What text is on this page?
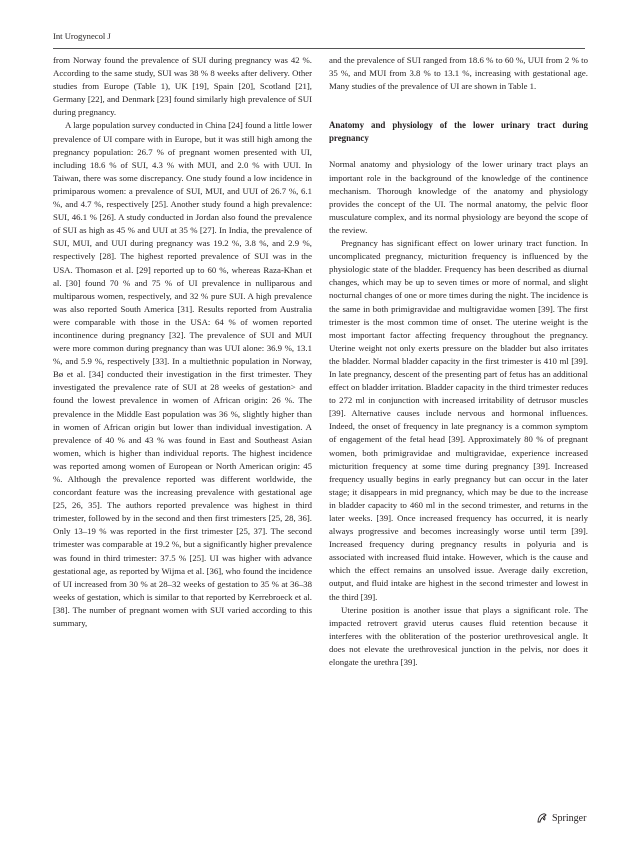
Int Urogynecol J

from Norway found the prevalence of SUI during pregnancy was 42 %. According to the same study, SUI was 38 % 8 weeks after delivery. Other studies from Europe (Table 1), UK [19], Spain [20], Scotland [21], Germany [22], and Denmark [23] found similarly high prevalence of SUI during pregnancy.

A large population survey conducted in China [24] found a little lower prevalence of UI compare with in Europe, but it was still high among the pregnancy population: 26.7 % of pregnant women presented with UI, including 18.6 % of SUI, 4.3 % with MUI, and 2.0 % with UUI. In Taiwan, there was some discrepancy. One study found a low incidence in primiparous women: a prevalence of SUI, MUI, and UUI of 26.7 %, 6.1 %, and 4.7 %, respectively [25]. Another study found a high prevalence: SUI, 46.1 % [26]. A study conducted in Jordan also found the prevalence of SUI as high as 45 % and UUI at 35 % [27]. In India, the prevalence of SUI, MUI, and UUI during pregnancy was 19.2 %, 3.8 %, and 2.9 %, respectively [28]. The highest reported prevalence of SUI was in the USA. Thomason et al. [29] reported up to 60 %, whereas Raza-Khan et al. [30] found 70 % and 75 % of UI prevalence in nulliparous and multiparous women, respectively, and 32 % pure SUI. A high prevalence was also reported South America [31]. Results reported from Australia were comparable with those in the USA: 64 % of women reported incontinence during pregnancy [32]. The prevalence of SUI and MUI were more common during pregnancy than was UUI alone: 36.9 %, 13.1 %, and 5.9 %, respectively [33]. In a multiethnic population in Norway, Bø et al. [34] conducted their investigation in the first trimester. They investigated the prevalence rate of SUI at 28 weeks of gestation> and found the lowest prevalence in women of African origin: 26 %. The prevalence in the Middle East population was 36 %, slightly higher than in women of African origin but lower than individual investigation. A prevalence of 40 % and 43 % was found in East and Southeast Asian women, which is higher than individual reports. The highest incidence was reported among women of European or North American origin: 45 %. Although the prevalence reported was different worldwide, the concordant feature was the increasing prevalence with gestational age [25, 26, 35]. The authors reported prevalence was highest in third trimester, followed by in the second and then first trimesters [25, 28, 36]. Only 13–19 % was reported in the first trimester [25, 37]. The second trimester was comparable at 19.2 %, but a significantly higher prevalence was found in third trimester: 37.5 % [25]. UI was higher with advance gestational age, as reported by Wijma et al. [36], who found the incidence of UI increased from 30 % at 28–32 weeks of gestation to 35 % at 36–38 weeks of gestation, which is similar to that reported by Kerrebroeck et al. [38]. The number of pregnant women with SUI varied according to this summary,

and the prevalence of SUI ranged from 18.6 % to 60 %, UUI from 2 % to 35 %, and MUI from 3.8 % to 13.1 %, increasing with gestational age. Many studies of the prevalence of UI are shown in Table 1.

Anatomy and physiology of the lower urinary tract during pregnancy

Normal anatomy and physiology of the lower urinary tract plays an important role in the background of the knowledge of the continence mechanism. Thorough knowledge of the anatomy and physiology provides the concept of the UI. The normal anatomy, the pelvic floor musculature complex, and its normal physiology are beyond the scope of the review.

Pregnancy has significant effect on lower urinary tract function. In uncomplicated pregnancy, micturition frequency is influenced by the physiologic state of the bladder. Frequency has been described as diurnal changes, which may be up to seven times or more of normal, and slight nocturnal changes of one or more times during the night. The incidence is the same in both primigravidae and multigravidae women [39]. The first trimester is the most common time of onset. The uterine weight is the most important factor affecting frequency throughout the pregnancy. Uterine weight not only exerts pressure on the bladder but also irritates the bladder. Normal bladder capacity in the first trimester is 410 ml [39]. In late pregnancy, descent of the presenting part of fetus has an additional effect on bladder irritation. Bladder capacity in the third trimester reduces to 272 ml in conjunction with increased irritability of detrusor muscles [39]. Alternative causes include nervous and hormonal influences. Indeed, the onset of frequency in late pregnancy is a common symptom of engagement of the fetal head [39]. Approximately 80 % of pregnant women, both primigravidae and multigravidae, experience increased micturition frequency at some time during pregnancy [39]. Increased frequency usually begins in early pregnancy but can occur in the later stage; it disappears in mid pregnancy, which may be due to the increase in bladder capacity to 460 ml in the second trimester, and returns in the later weeks. [39]. Once increased frequency has occurred, it is nearly always progressive and becomes increasingly worse until term [39]. Increased frequency during pregnancy results in polyuria and is associated with increased fluid intake. However, which is the cause and which the effect remains an unsolved issue. Average daily excretion, output, and fluid intake are highest in the second trimester and lowest in the third [39].

Uterine position is another issue that plays a significant role. The impacted retrovert gravid uterus causes fluid retention because it interferes with the obliteration of the posterior urethrovesical angle. It does not elevate the urethrovesical junction in the pelvis, nor does it elongate the urethra [39].

Springer
